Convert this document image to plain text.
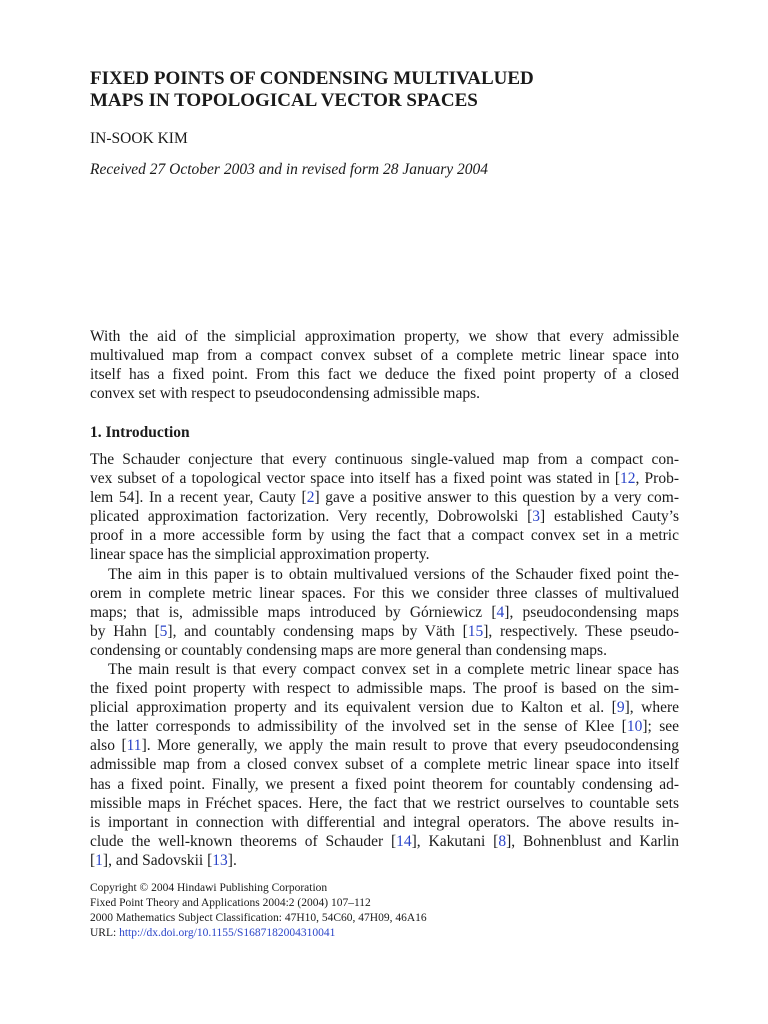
FIXED POINTS OF CONDENSING MULTIVALUED
MAPS IN TOPOLOGICAL VECTOR SPACES

IN-SOOK KIM

Received 27 October 2003 and in revised form 28 January 2004

With the aid of the simplicial approximation property, we show that every admissible
multivalued map from a compact convex subset of a complete metric linear space into
itself has a fixed point. From this fact we deduce the fixed point property of a closed
convex set with respect to pseudocondensing admissible maps.
1. Introduction
The Schauder conjecture that every continuous single-valued map from a compact con-
vex subset of a topological vector space into itself has a fixed point was stated in [12, Prob-
lem 54]. In a recent year, Cauty [2] gave a positive answer to this question by a very com-
plicated approximation factorization. Very recently, Dobrowolski [3] established Cauty’s
proof in a more accessible form by using the fact that a compact convex set in a metric
linear space has the simplicial approximation property.
The aim in this paper is to obtain multivalued versions of the Schauder fixed point the-
orem in complete metric linear spaces. For this we consider three classes of multivalued
maps; that is, admissible maps introduced by Górniewicz [4], pseudocondensing maps
by Hahn [5], and countably condensing maps by Väth [15], respectively. These pseudo-
condensing or countably condensing maps are more general than condensing maps.
The main result is that every compact convex set in a complete metric linear space has
the fixed point property with respect to admissible maps. The proof is based on the sim-
plicial approximation property and its equivalent version due to Kalton et al. [9], where
the latter corresponds to admissibility of the involved set in the sense of Klee [10]; see
also [11]. More generally, we apply the main result to prove that every pseudocondensing
admissible map from a closed convex subset of a complete metric linear space into itself
has a fixed point. Finally, we present a fixed point theorem for countably condensing ad-
missible maps in Fréchet spaces. Here, the fact that we restrict ourselves to countable sets
is important in connection with differential and integral operators. The above results in-
clude the well-known theorems of Schauder [14], Kakutani [8], Bohnenblust and Karlin
[1], and Sadovskii [13].
Copyright © 2004 Hindawi Publishing Corporation
Fixed Point Theory and Applications 2004:2 (2004) 107–112
2000 Mathematics Subject Classification: 47H10, 54C60, 47H09, 46A16
URL: http://dx.doi.org/10.1155/S1687182004310041
